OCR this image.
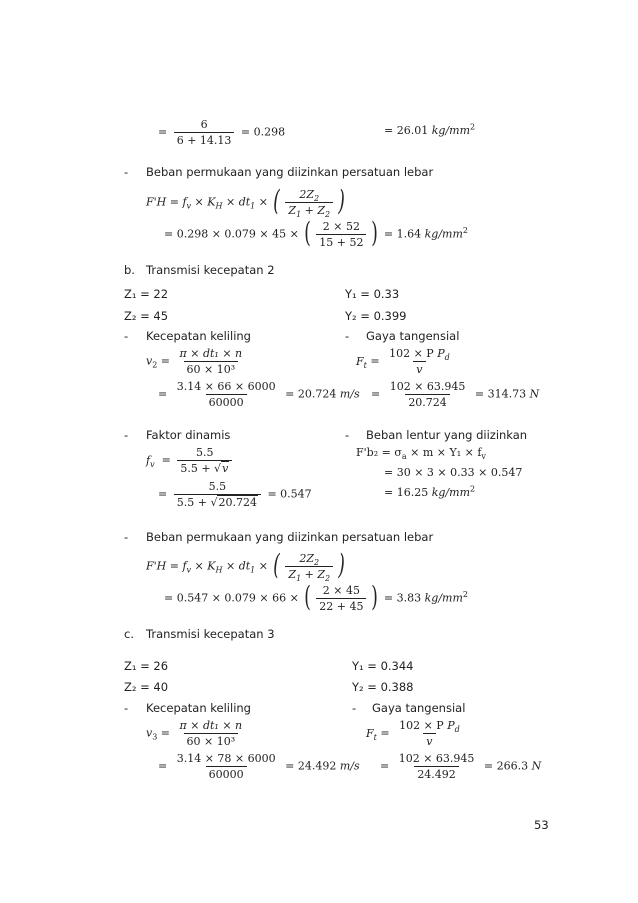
= $\frac{6}{6 + 14.13} = 0.298$	= 26.01 $kg/mm^2$
- Beban permukaan yang diizinkan persatuan lebar
$F'H = f_v \times K_H \times dt_1$ × ( $2Z_2$
$Z_1 + Z_2$ )
= 0.298 × 0.079 × 45 × ( $\frac{2 \times 52}{15 + 52}$ ) = 1.64 $kg/mm^2$
b. Transmisi kecepatan 2
Z₁ = 22	Y₁ = 0.33
Z₂ = 45	Y₂ = 0.399
- Kecepatan keliling	- Gaya tangensial
$v_2 = \frac{\text{π × dt₁ × n}}{\text{60 × 10³}}$
= $\frac{3.14 \times 66 \times 6000}{60000} = 20.724$ m/s
$F_t = \frac{102 \times P P_d}{v}$
= $\frac{102 \times 63.945}{20.724} = 314.73$ N
- Faktor dinamis	- Beban lentur yang diizinkan
$f_v = \frac{5.5}{5.5 + √v}$
= $\frac{5.5}{5.5 + √20.724} = 0.547$
$F'b_2 = \sigma_a \times m \times Y_1 \times f_v$
= 30 × 3 × 0.33 × 0.547
= 16.25 $kg/mm^2$
- Beban permukaan yang diizinkan persatuan lebar
$F'H = f_v \times K_H \times dt_1$ × ( $2Z_2$
$Z_1 + Z_2$ )
= 0.547 × 0.079 × 66 × ( $\frac{2 \times 45}{22 + 45}$ ) = 3.83 $kg/mm^2$
c. Transmisi kecepatan 3
Z₁ = 26	Y₁ = 0.344
Z₂ = 40	Y₂ = 0.388
- Kecepatan keliling	- Gaya tangensial
$v_3 = \frac{\text{π × dt₁ × n}}{\text{60 × 10³}}$
= $\frac{3.14 \times 78 \times 6000}{60000} = 24.492$ m/s
$F_t = \frac{102 \times P P_d}{v}$
= $\frac{102 \times 63.945}{24.492} = 266.3$ N
53
